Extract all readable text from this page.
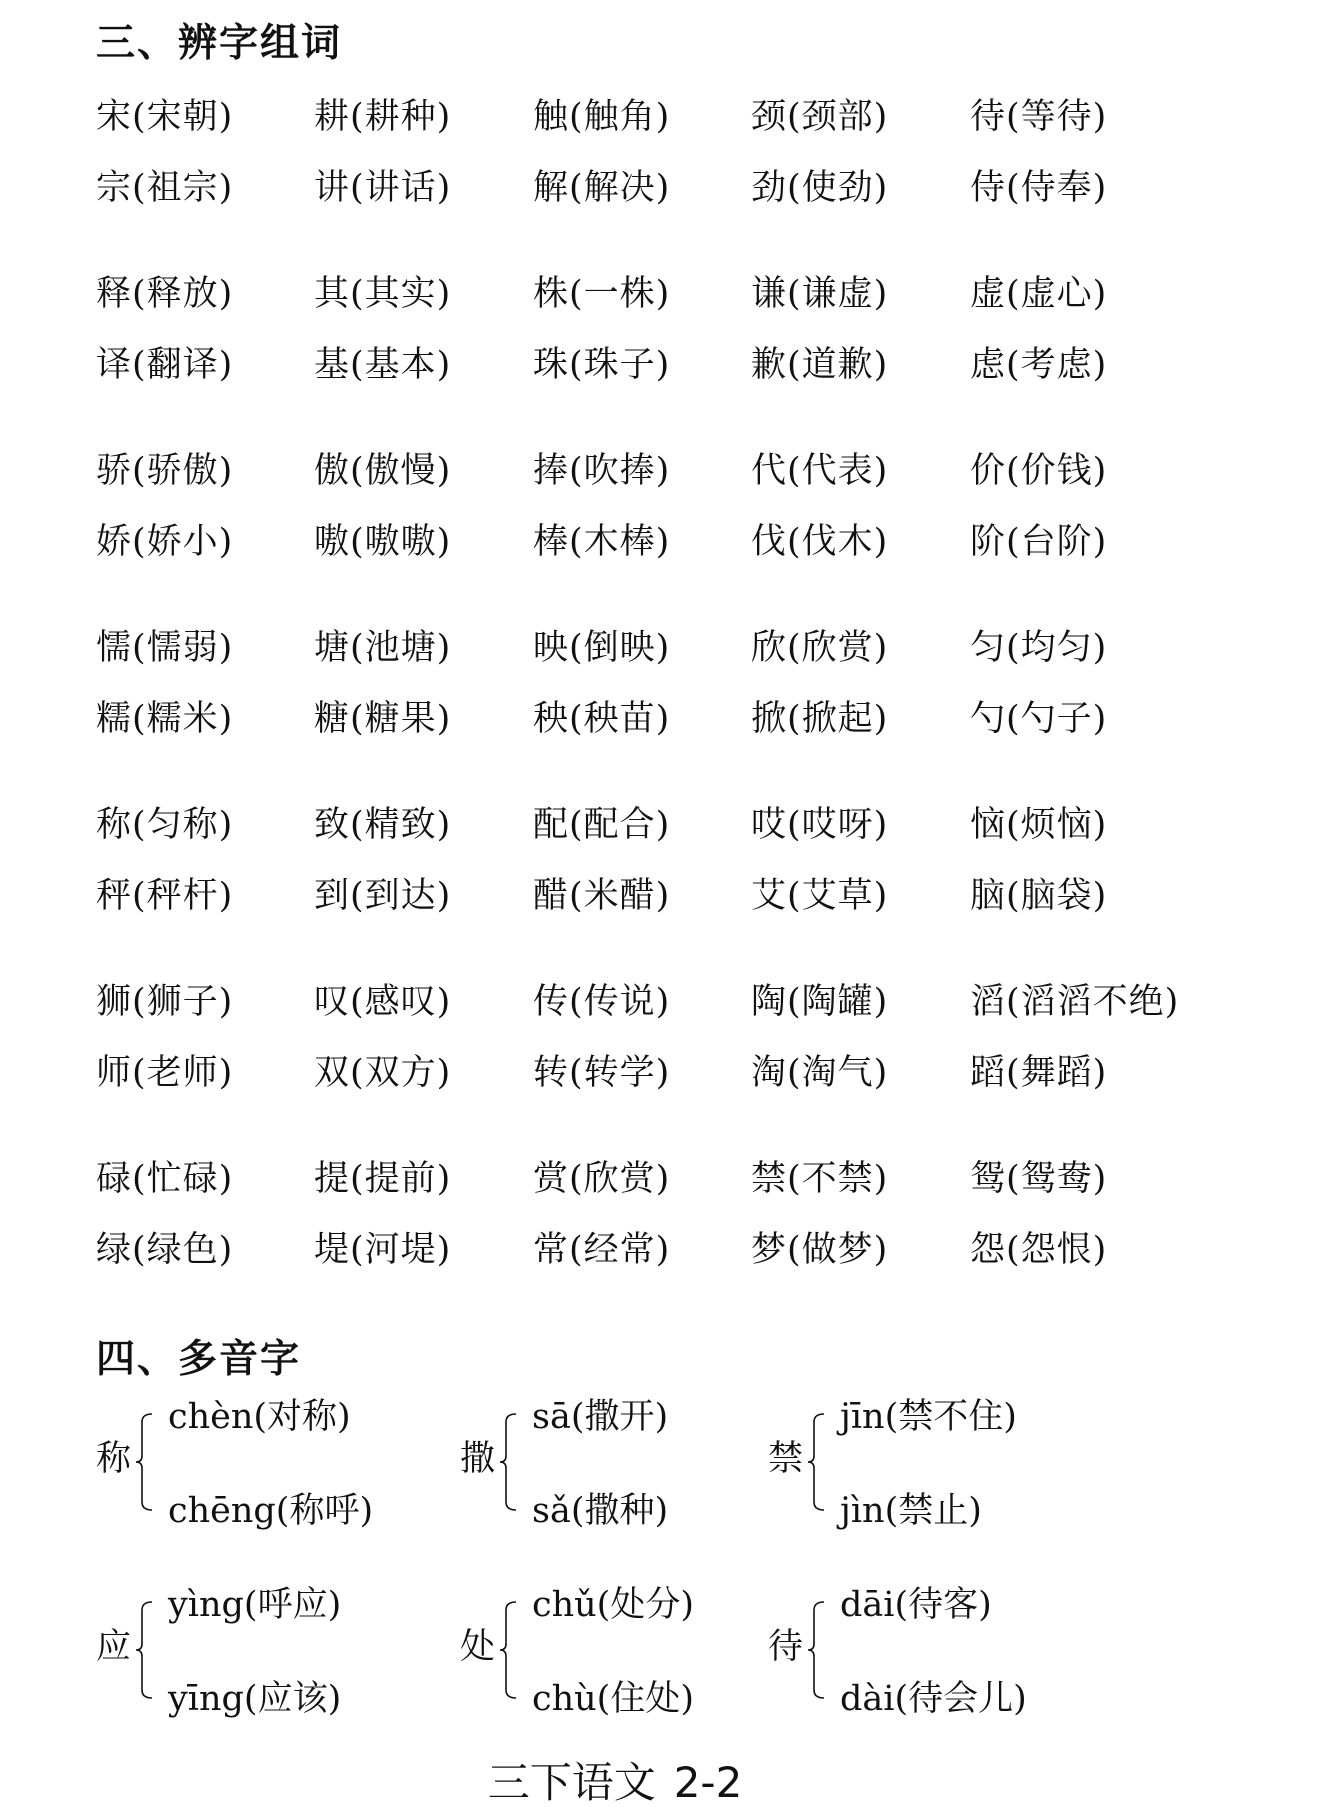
三、辨字组词
宋(宋朝) 耕(耕种) 触(触角) 颈(颈部) 待(等待)
宗(祖宗) 讲(讲话) 解(解决) 劲(使劲) 侍(侍奉)
释(释放) 其(其实) 株(一株) 谦(谦虚) 虚(虚心)
译(翻译) 基(基本) 珠(珠子) 歉(道歉) 虑(考虑)
骄(骄傲) 傲(傲慢) 捧(吹捧) 代(代表) 价(价钱)
娇(娇小) 嗷(嗷嗷) 棒(木棒) 伐(伐木) 阶(台阶)
懦(懦弱) 塘(池塘) 映(倒映) 欣(欣赏) 匀(均匀)
糯(糯米) 糖(糖果) 秧(秧苗) 掀(掀起) 勺(勺子)
称(匀称) 致(精致) 配(配合) 哎(哎呀) 恼(烦恼)
秤(秤杆) 到(到达) 醋(米醋) 艾(艾草) 脑(脑袋)
狮(狮子) 叹(感叹) 传(传说) 陶(陶罐) 滔(滔滔不绝)
师(老师) 双(双方) 转(转学) 淘(淘气) 蹈(舞蹈)
碌(忙碌) 提(提前) 赏(欣赏) 禁(不禁) 鸳(鸳鸯)
绿(绿色) 堤(河堤) 常(经常) 梦(做梦) 怨(怨恨)
四、多音字
称
chèn(对称)
chēng(称呼)
撒
sā(撒开)
sǎ(撒种)
禁
jīn(禁不住)
jìn(禁止)
应
yìng(呼应)
yīng(应该)
处
chǔ(处分)
chù(住处)
待
dāi(待客)
dài(待会儿)
三下语文 2-2
